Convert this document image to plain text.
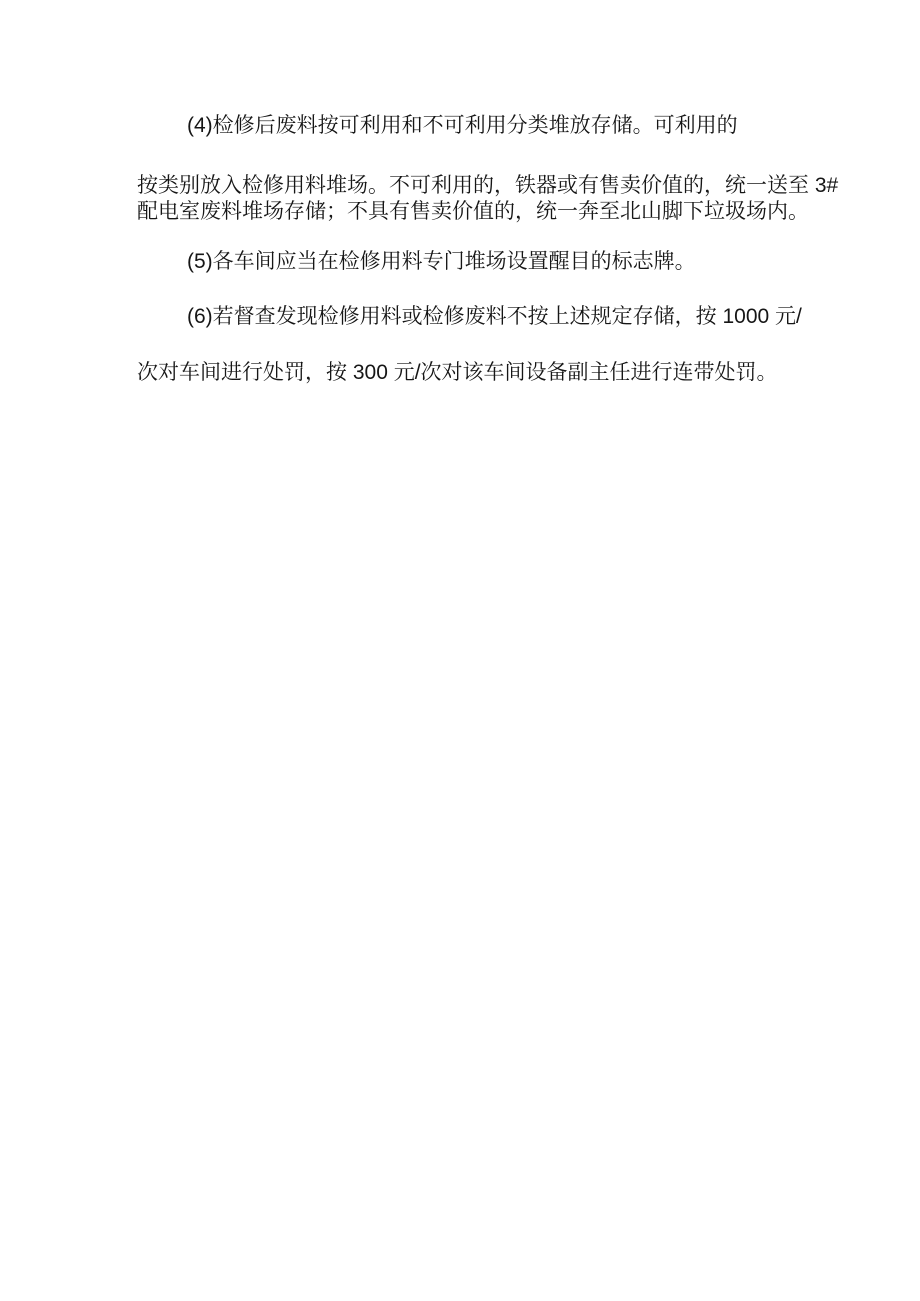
(4)检修后废料按可利用和不可利用分类堆放存储。可利用的
按类别放入检修用料堆场。不可利用的，铁器或有售卖价值的，统一送至 3#
配电室废料堆场存储；不具有售卖价值的，统一奔至北山脚下垃圾场内。
(5)各车间应当在检修用料专门堆场设置醒目的标志牌。
(6)若督查发现检修用料或检修废料不按上述规定存储，按 1000 元/
次对车间进行处罚，按 300 元/次对该车间设备副主任进行连带处罚。
